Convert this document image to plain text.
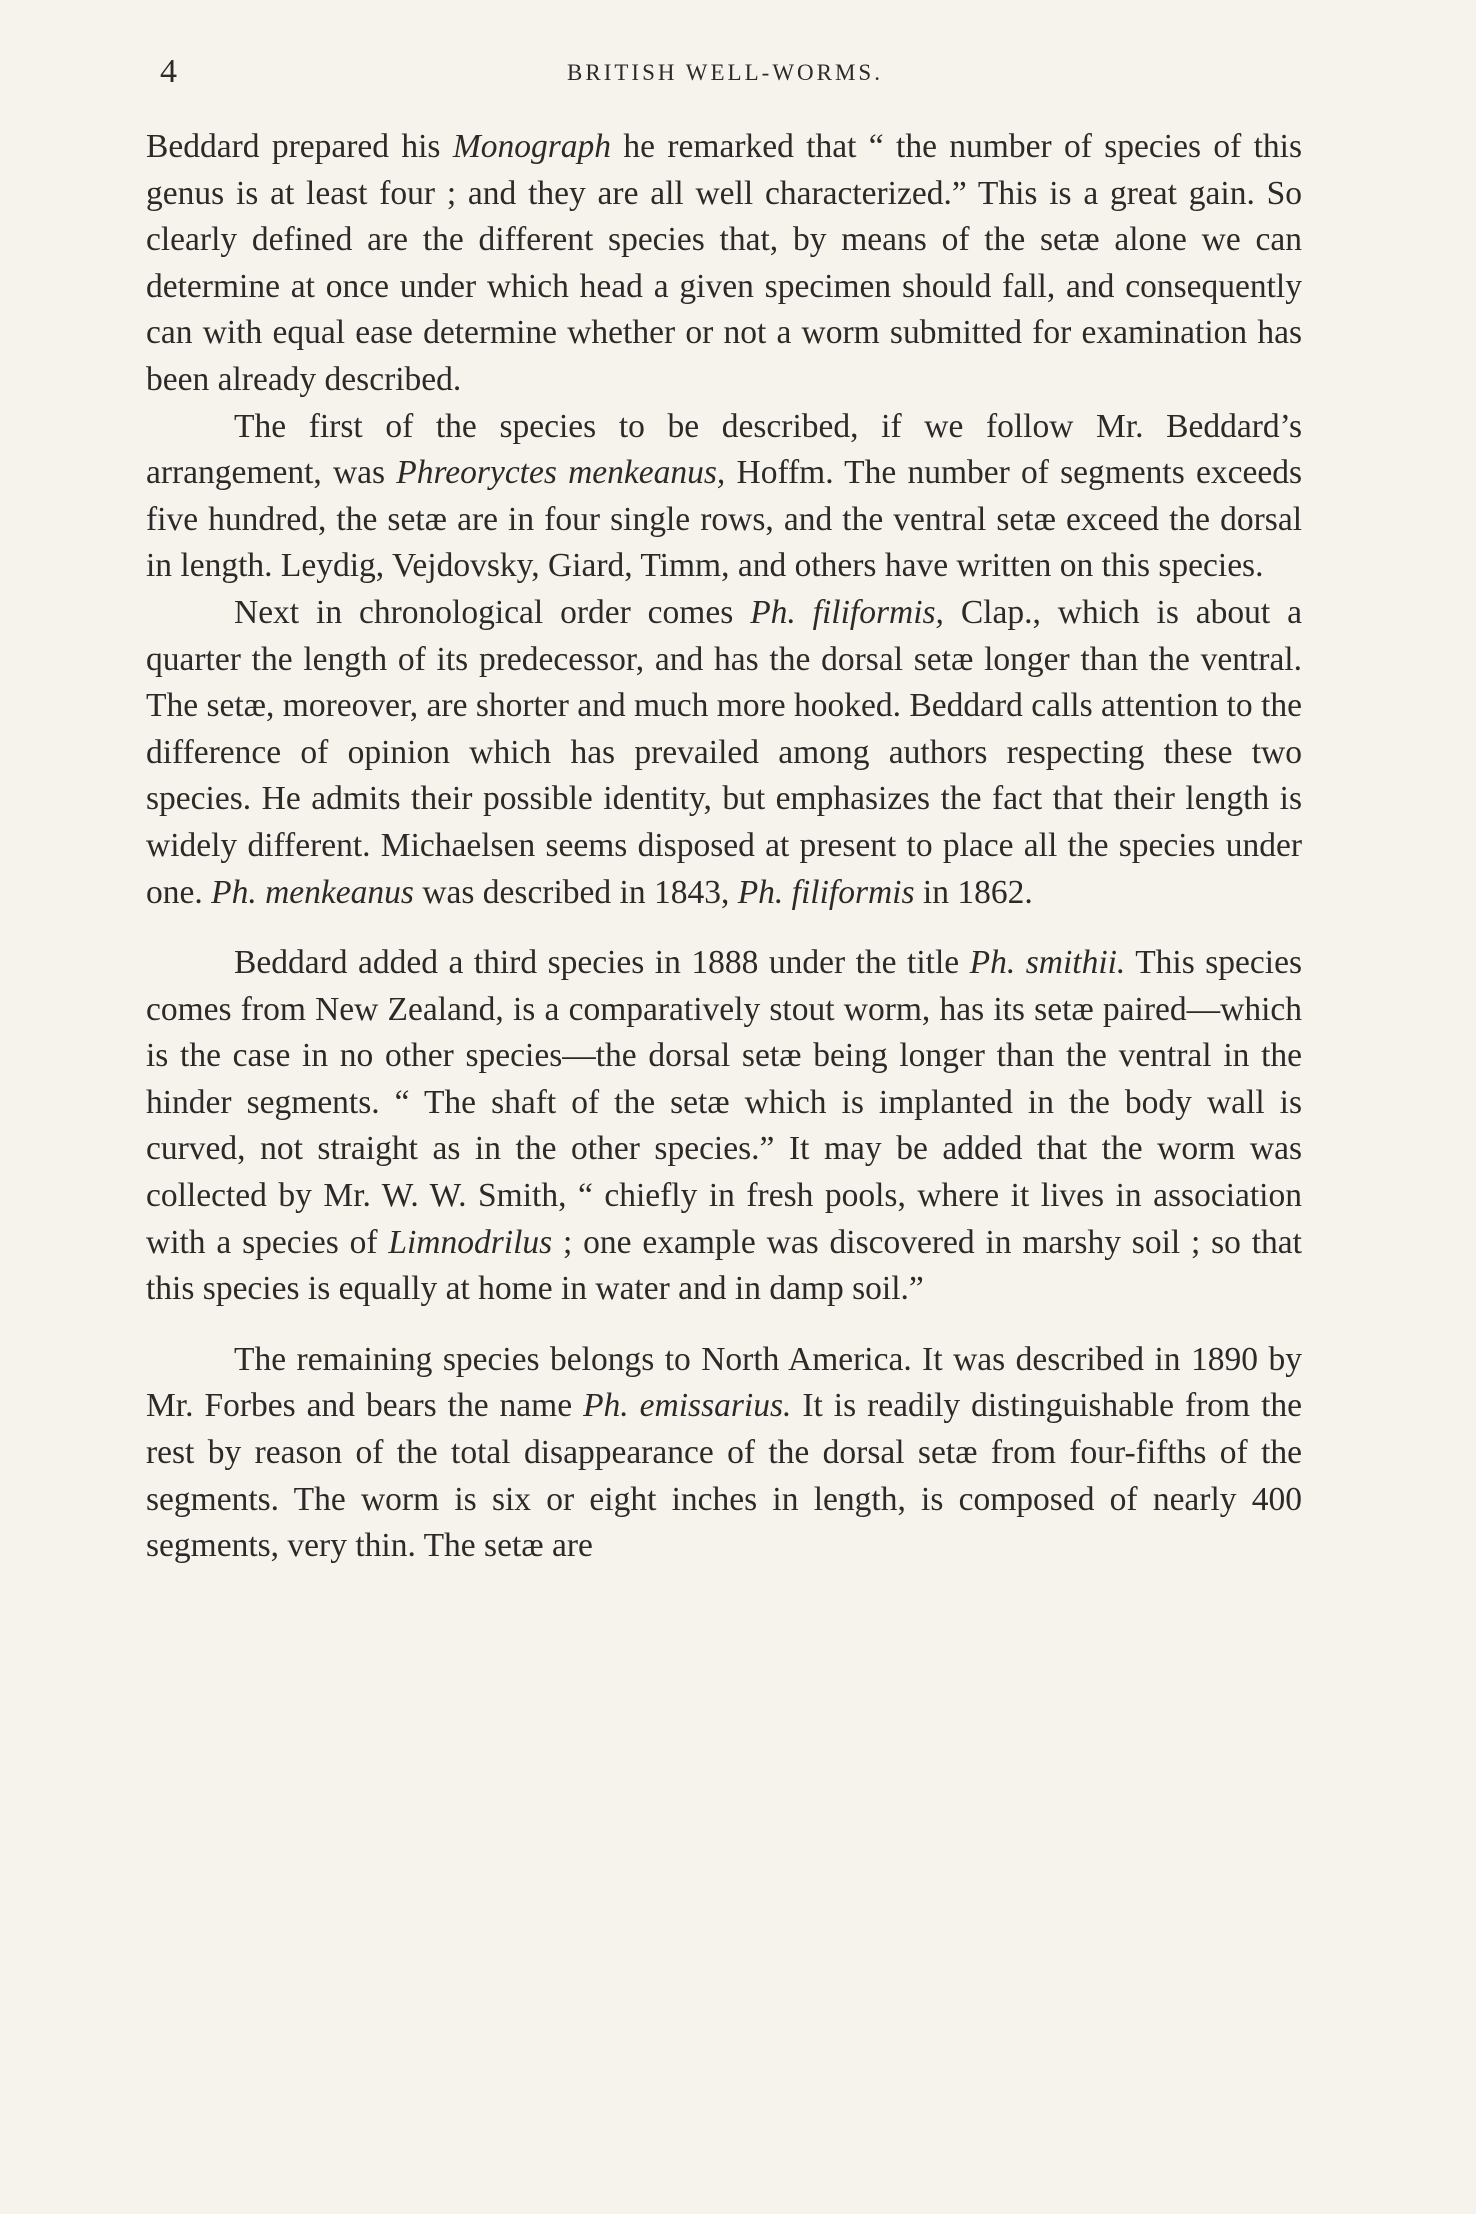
4	BRITISH WELL-WORMS.

Beddard prepared his Monograph he remarked that “ the number of species of this genus is at least four ; and they are all well characterized.” This is a great gain. So clearly defined are the different species that, by means of the setæ alone we can determine at once under which head a given specimen should fall, and consequently can with equal ease determine whether or not a worm submitted for examination has been already described.

The first of the species to be described, if we follow Mr. Beddard’s arrangement, was Phreoryctes menkeanus, Hoffm. The number of segments exceeds five hundred, the setæ are in four single rows, and the ventral setæ exceed the dorsal in length. Leydig, Vejdovsky, Giard, Timm, and others have written on this species.

Next in chronological order comes Ph. filiformis, Clap., which is about a quarter the length of its predecessor, and has the dorsal setæ longer than the ventral. The setæ, moreover, are shorter and much more hooked. Beddard calls attention to the difference of opinion which has prevailed among authors respecting these two species. He admits their possible identity, but emphasizes the fact that their length is widely different. Michaelsen seems disposed at present to place all the species under one. Ph. menkeanus was described in 1843, Ph. filiformis in 1862.

Beddard added a third species in 1888 under the title Ph. smithii. This species comes from New Zealand, is a comparatively stout worm, has its setæ paired—which is the case in no other species—the dorsal setæ being longer than the ventral in the hinder segments. “ The shaft of the setæ which is implanted in the body wall is curved, not straight as in the other species.” It may be added that the worm was collected by Mr. W. W. Smith, “ chiefly in fresh pools, where it lives in association with a species of Limnodrilus ; one example was discovered in marshy soil ; so that this species is equally at home in water and in damp soil.”

The remaining species belongs to North America. It was described in 1890 by Mr. Forbes and bears the name Ph. emissarius. It is readily distinguishable from the rest by reason of the total disappearance of the dorsal setæ from four-fifths of the segments. The worm is six or eight inches in length, is composed of nearly 400 segments, very thin. The setæ are
